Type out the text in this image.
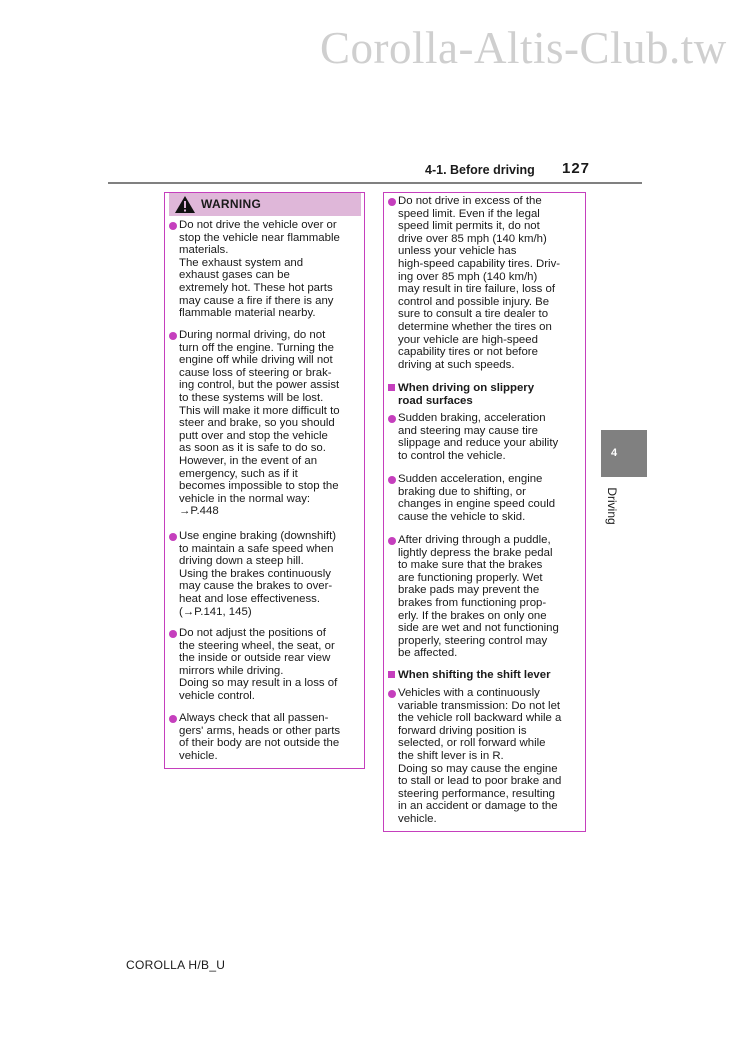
Corolla-Altis-Club.tw
4-1. Before driving 127
WARNING
Do not drive the vehicle over or
stop the vehicle near flammable
materials.
The exhaust system and
exhaust gases can be
extremely hot. These hot parts
may cause a fire if there is any
flammable material nearby.
During normal driving, do not
turn off the engine. Turning the
engine off while driving will not
cause loss of steering or brak-
ing control, but the power assist
to these systems will be lost.
This will make it more difficult to
steer and brake, so you should
putt over and stop the vehicle
as soon as it is safe to do so.
However, in the event of an
emergency, such as if it
becomes impossible to stop the
vehicle in the normal way:
→P.448
Use engine braking (downshift)
to maintain a safe speed when
driving down a steep hill.
Using the brakes continuously
may cause the brakes to over-
heat and lose effectiveness.
(→P.141, 145)
Do not adjust the positions of
the steering wheel, the seat, or
the inside or outside rear view
mirrors while driving.
Doing so may result in a loss of
vehicle control.
Always check that all passen-
gers' arms, heads or other parts
of their body are not outside the
vehicle.
Do not drive in excess of the
speed limit. Even if the legal
speed limit permits it, do not
drive over 85 mph (140 km/h)
unless your vehicle has
high-speed capability tires. Driv-
ing over 85 mph (140 km/h)
may result in tire failure, loss of
control and possible injury. Be
sure to consult a tire dealer to
determine whether the tires on
your vehicle are high-speed
capability tires or not before
driving at such speeds.
When driving on slippery
road surfaces
Sudden braking, acceleration
and steering may cause tire
slippage and reduce your ability
to control the vehicle.
Sudden acceleration, engine
braking due to shifting, or
changes in engine speed could
cause the vehicle to skid.
After driving through a puddle,
lightly depress the brake pedal
to make sure that the brakes
are functioning properly. Wet
brake pads may prevent the
brakes from functioning prop-
erly. If the brakes on only one
side are wet and not functioning
properly, steering control may
be affected.
When shifting the shift lever
Vehicles with a continuously
variable transmission: Do not let
the vehicle roll backward while a
forward driving position is
selected, or roll forward while
the shift lever is in R.
Doing so may cause the engine
to stall or lead to poor brake and
steering performance, resulting
in an accident or damage to the
vehicle.
4
Driving
COROLLA H/B_U
